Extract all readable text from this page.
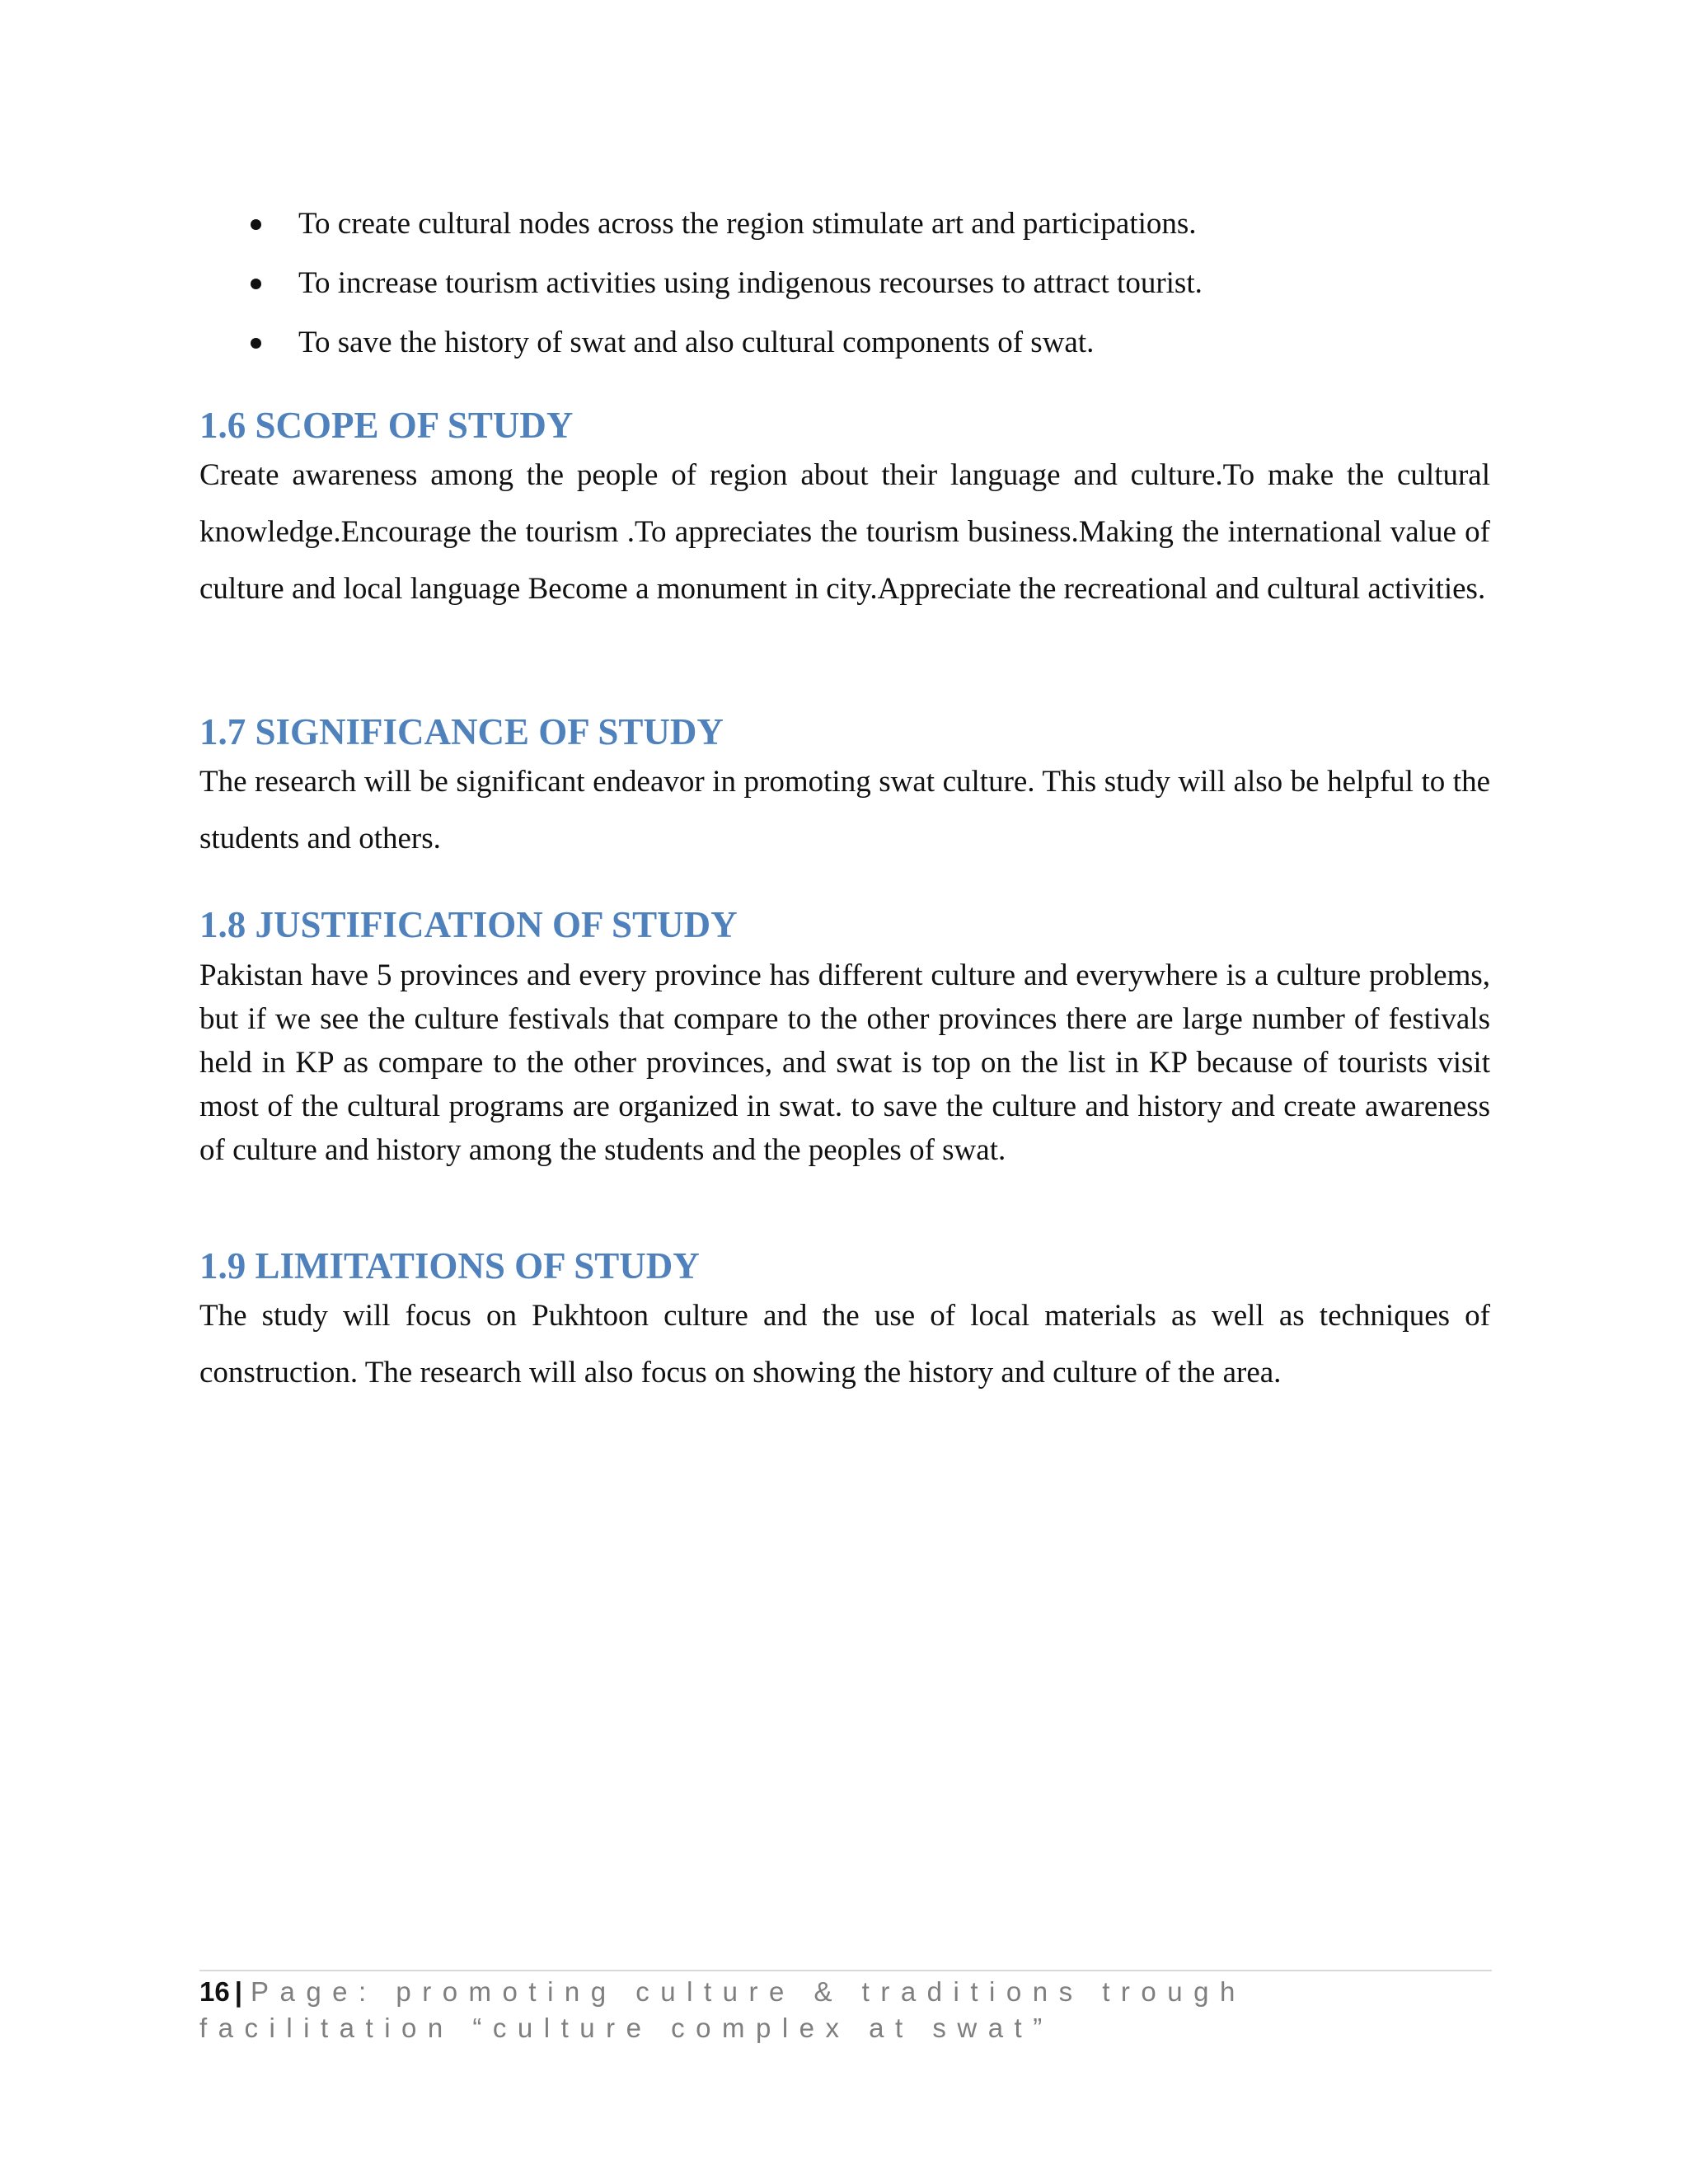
To create cultural nodes across the region stimulate art and participations.
To increase tourism activities using indigenous recourses to attract tourist.
To save the history of swat and also cultural components of swat.
1.6 SCOPE OF STUDY

Create awareness among the people of region about their language and culture.To make the cultural knowledge.Encourage the tourism .To appreciates the tourism business.Making the international value of culture and local language Become a monument in city.Appreciate the recreational and cultural activities.

1.7 SIGNIFICANCE OF STUDY

The research will be significant endeavor in promoting swat culture. This study will also be helpful to the students and others.

1.8 JUSTIFICATION OF STUDY

Pakistan have 5 provinces and every province has different culture and everywhere is a culture problems, but if we see the culture festivals that compare to the other provinces there are large number of festivals held in KP as compare to the other provinces, and swat is top on the list in KP because of tourists visit most of the cultural programs are organized in swat. to save the culture and history and create awareness of culture and history among the students and the peoples of swat.

1.9 LIMITATIONS OF STUDY

The study will focus on Pukhtoon culture and the use of local materials as well as techniques of construction. The research will also focus on showing the history and culture of the area.

16 | Page: promoting culture & traditions trough facilitation “culture complex at swat”
